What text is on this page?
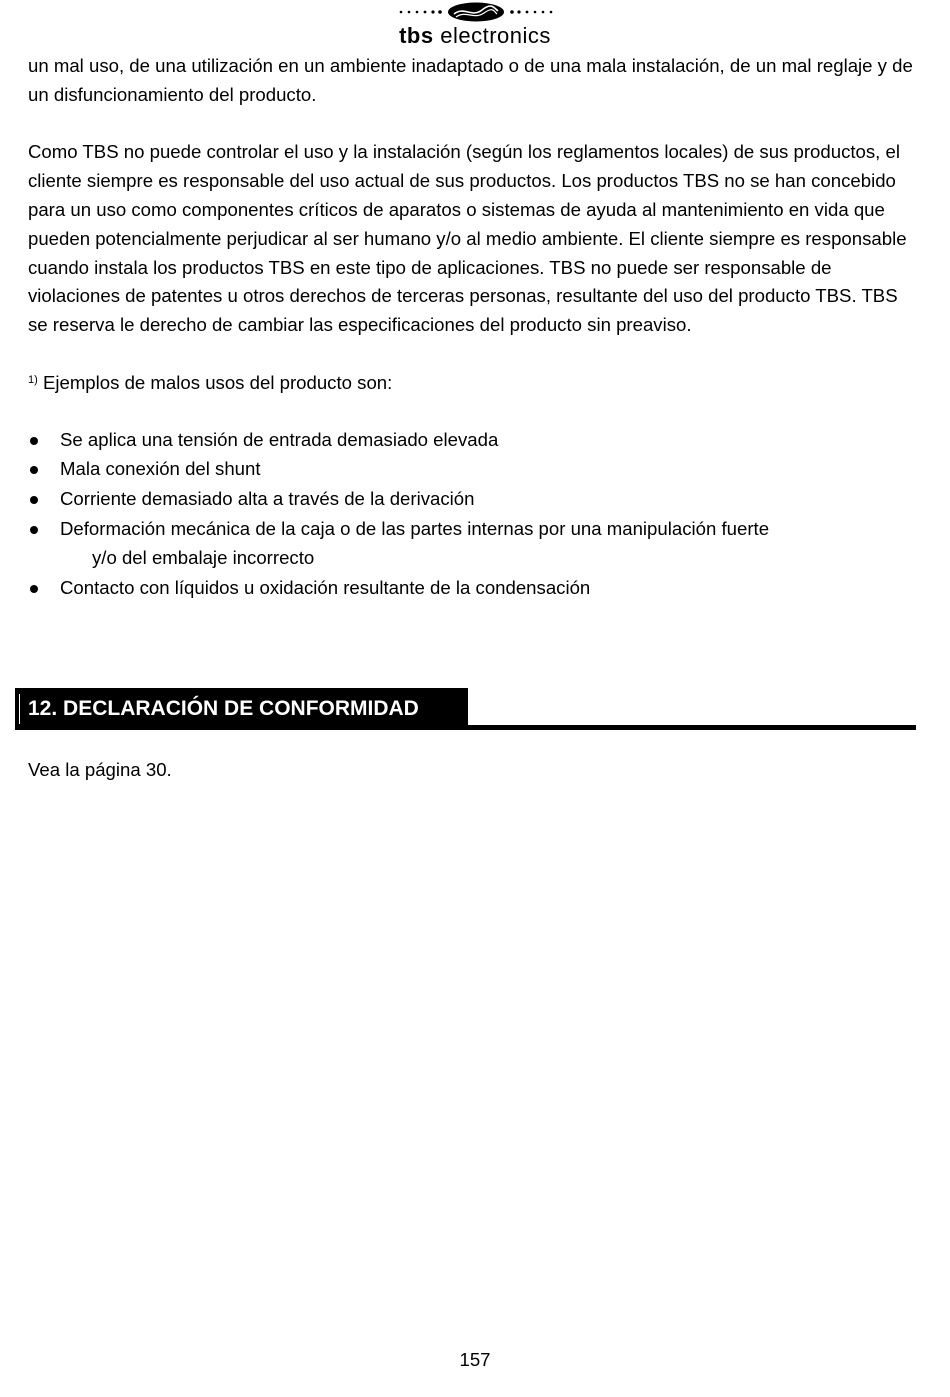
tbs electronics

un mal uso, de una utilización en un ambiente inadaptado o de una mala instalación, de un mal reglaje y de un disfuncionamiento del producto.

Como TBS no puede controlar el uso y la instalación (según los reglamentos locales) de sus productos, el cliente siempre es responsable del uso actual de sus productos. Los productos TBS no se han concebido para un uso como componentes críticos de aparatos o sistemas de ayuda al mantenimiento en vida que pueden potencialmente perjudicar al ser humano y/o al medio ambiente. El cliente siempre es responsable cuando instala los productos TBS en este tipo de aplicaciones. TBS no puede ser responsable de violaciones de patentes u otros derechos de terceras personas, resultante del uso del producto TBS. TBS se reserva le derecho de cambiar las especificaciones del producto sin preaviso.

$^{1)}$ Ejemplos de malos usos del producto son:

Se aplica una tensión de entrada demasiado elevada
Mala conexión del shunt
Corriente demasiado alta a través de la derivación
Deformación mecánica de la caja o de las partes internas por una manipulación fuerte
y/o del embalaje incorrecto
Contacto con líquidos u oxidación resultante de la condensación
12. DECLARACIÓN DE CONFORMIDAD
Vea la página 30.
157
